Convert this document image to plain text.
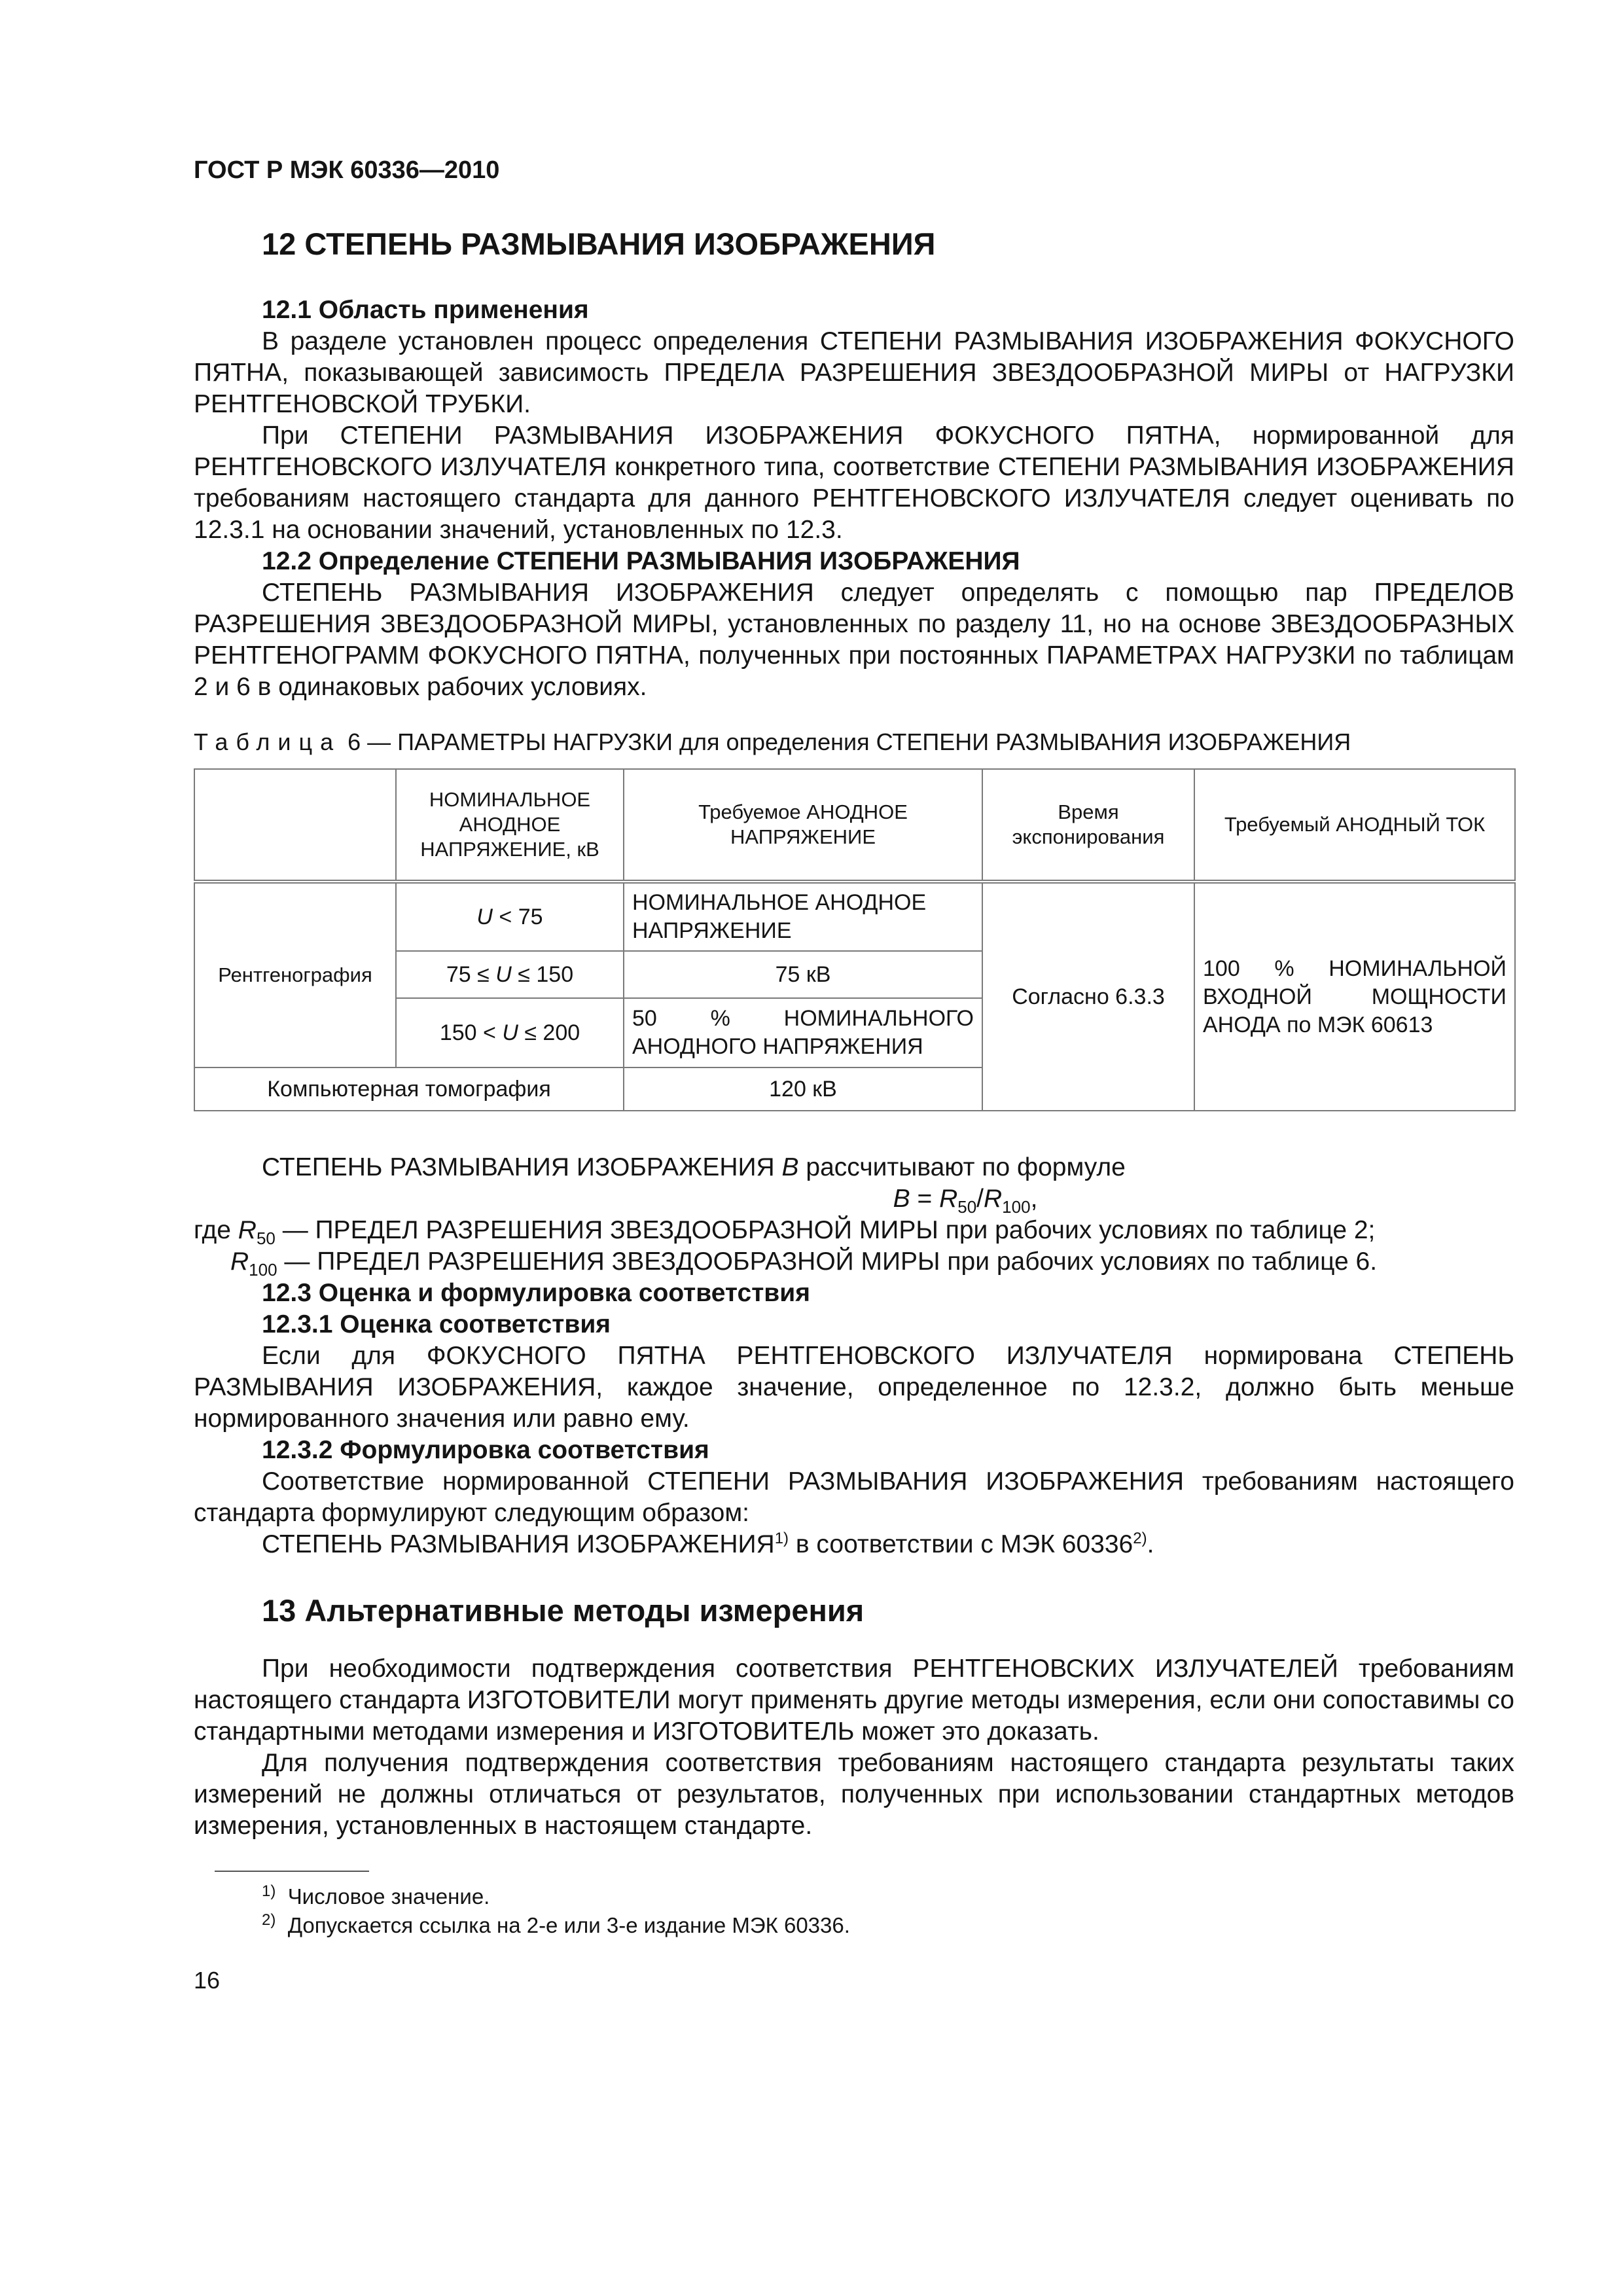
ГОСТ Р МЭК 60336—2010
12 СТЕПЕНЬ РАЗМЫВАНИЯ ИЗОБРАЖЕНИЯ
12.1 Область применения

В разделе установлен процесс определения СТЕПЕНИ РАЗМЫВАНИЯ ИЗОБРАЖЕНИЯ ФОКУСНОГО ПЯТНА, показывающей зависимость ПРЕДЕЛА РАЗРЕШЕНИЯ ЗВЕЗДООБРАЗНОЙ МИРЫ от НАГРУЗКИ РЕНТГЕНОВСКОЙ ТРУБКИ.

При СТЕПЕНИ РАЗМЫВАНИЯ ИЗОБРАЖЕНИЯ ФОКУСНОГО ПЯТНА, нормированной для РЕНТГЕНОВСКОГО ИЗЛУЧАТЕЛЯ конкретного типа, соответствие СТЕПЕНИ РАЗМЫВАНИЯ ИЗОБРАЖЕНИЯ требованиям настоящего стандарта для данного РЕНТГЕНОВСКОГО ИЗЛУЧАТЕЛЯ следует оценивать по 12.3.1 на основании значений, установленных по 12.3.

12.2 Определение СТЕПЕНИ РАЗМЫВАНИЯ ИЗОБРАЖЕНИЯ

СТЕПЕНЬ РАЗМЫВАНИЯ ИЗОБРАЖЕНИЯ следует определять с помощью пар ПРЕДЕЛОВ РАЗРЕШЕНИЯ ЗВЕЗДООБРАЗНОЙ МИРЫ, установленных по разделу 11, но на основе ЗВЕЗДООБРАЗНЫХ РЕНТГЕНОГРАММ ФОКУСНОГО ПЯТНА, полученных при постоянных ПАРАМЕТРАХ НАГРУЗКИ по таблицам 2 и 6 в одинаковых рабочих условиях.

Таблица 6 — ПАРАМЕТРЫ НАГРУЗКИ для определения СТЕПЕНИ РАЗМЫВАНИЯ ИЗОБРАЖЕНИЯ

	НОМИНАЛЬНОЕ АНОДНОЕ НАПРЯЖЕНИЕ, кВ	Требуемое АНОДНОЕ НАПРЯЖЕНИЕ	Время экспонирования	Требуемый АНОДНЫЙ ТОК
Рентгенография	U < 75	НОМИНАЛЬНОЕ АНОДНОЕ НАПРЯЖЕНИЕ	Согласно 6.3.3	100 % НОМИНАЛЬНОЙ ВХОДНОЙ МОЩНОСТИ АНОДА по МЭК 60613
	75 ≤ U ≤ 150	75 кВ		
	150 < U ≤ 200	50 % НОМИНАЛЬНОГО АНОДНОГО НАПРЯЖЕНИЯ		
Компьютерная томография		120 кВ		

СТЕПЕНЬ РАЗМЫВАНИЯ ИЗОБРАЖЕНИЯ B рассчитывают по формуле

$B = R_{50}/R_{100}$,

где $R_{50}$ — ПРЕДЕЛ РАЗРЕШЕНИЯ ЗВЕЗДООБРАЗНОЙ МИРЫ при рабочих условиях по таблице 2;

$R_{100}$ — ПРЕДЕЛ РАЗРЕШЕНИЯ ЗВЕЗДООБРАЗНОЙ МИРЫ при рабочих условиях по таблице 6.

12.3 Оценка и формулировка соответствия
12.3.1 Оценка соответствия

Если для ФОКУСНОГО ПЯТНА РЕНТГЕНОВСКОГО ИЗЛУЧАТЕЛЯ нормирована СТЕПЕНЬ РАЗМЫВАНИЯ ИЗОБРАЖЕНИЯ, каждое значение, определенное по 12.3.2, должно быть меньше нормированного значения или равно ему.

12.3.2 Формулировка соответствия

Соответствие нормированной СТЕПЕНИ РАЗМЫВАНИЯ ИЗОБРАЖЕНИЯ требованиям настоящего стандарта формулируют следующим образом:

СТЕПЕНЬ РАЗМЫВАНИЯ ИЗОБРАЖЕНИЯ$^{1)}$ в соответствии с МЭК 60336$^{2)}$.

13 Альтернативные методы измерения

При необходимости подтверждения соответствия РЕНТГЕНОВСКИХ ИЗЛУЧАТЕЛЕЙ требованиям настоящего стандарта ИЗГОТОВИТЕЛИ могут применять другие методы измерения, если они сопоставимы со стандартными методами измерения и ИЗГОТОВИТЕЛЬ может это доказать.

Для получения подтверждения соответствия требованиям настоящего стандарта результаты таких измерений не должны отличаться от результатов, полученных при использовании стандартных методов измерения, установленных в настоящем стандарте.

$^{1)}$ Числовое значение.

$^{2)}$ Допускается ссылка на 2-е или 3-е издание МЭК 60336.

16
